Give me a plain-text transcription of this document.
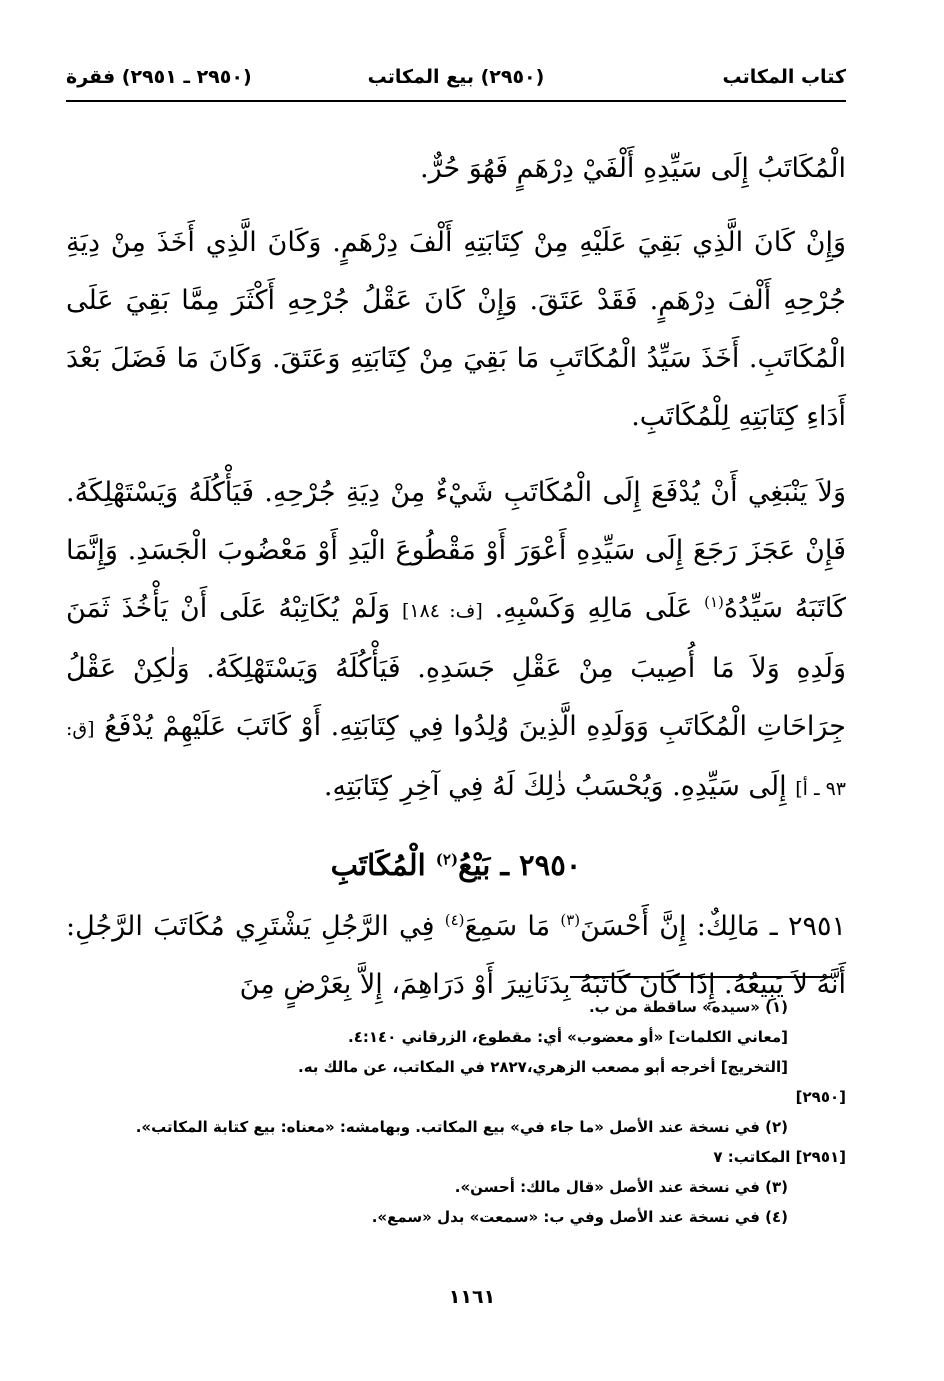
كتاب المكاتب
(٢٩٥٠) بيع المكاتب
(٢٩٥٠ ـ ٢٩٥١) فقرة

الْمُكَاتَبُ إِلَى سَيِّدِهِ أَلْفَيْ دِرْهَمٍ فَهُوَ حُرٌّ.

وَإِنْ كَانَ الَّذِي بَقِيَ عَلَيْهِ مِنْ كِتَابَتِهِ أَلْفَ دِرْهَمٍ. وَكَانَ الَّذِي أَخَذَ مِنْ دِيَةِ جُرْحِهِ أَلْفَ دِرْهَمٍ. فَقَدْ عَتَقَ. وَإِنْ كَانَ عَقْلُ جُرْحِهِ أَكْثَرَ مِمَّا بَقِيَ عَلَى الْمُكَاتَبِ. أَخَذَ سَيِّدُ الْمُكَاتَبِ مَا بَقِيَ مِنْ كِتَابَتِهِ وَعَتَقَ. وَكَانَ مَا فَضَلَ بَعْدَ أَدَاءِ كِتَابَتِهِ لِلْمُكَاتَبِ.

وَلاَ يَنْبَغِي أَنْ يُدْفَعَ إِلَى الْمُكَاتَبِ شَيْءٌ مِنْ دِيَةِ جُرْحِهِ. فَيَأْكُلَهُ وَيَسْتَهْلِكَهُ. فَإِنْ عَجَزَ رَجَعَ إِلَى سَيِّدِهِ أَعْوَرَ أَوْ مَقْطُوعَ الْيَدِ أَوْ مَعْضُوبَ الْجَسَدِ. وَإِنَّمَا كَاتَبَهُ سَيِّدُهُ$^{(١)}$ عَلَى مَالِهِ وَكَسْبِهِ. [ف: ١٨٤] وَلَمْ يُكَاتِبْهُ عَلَى أَنْ يَأْخُذَ ثَمَنَ وَلَدِهِ وَلاَ مَا أُصِيبَ مِنْ عَقْلِ جَسَدِهِ. فَيَأْكُلَهُ وَيَسْتَهْلِكَهُ. وَلٰكِنْ عَقْلُ جِرَاحَاتِ الْمُكَاتَبِ وَوَلَدِهِ الَّذِينَ وُلِدُوا فِي كِتَابَتِهِ. أَوْ كَاتَبَ عَلَيْهِمْ يُدْفَعُ [ق: ٩٣ ـ أ] إِلَى سَيِّدِهِ. وَيُحْسَبُ ذٰلِكَ لَهُ فِي آخِرِ كِتَابَتِهِ.

٢٩٥٠ ـ بَيْعُ$^{(٢)}$ الْمُكَاتَبِ

٢٩٥١ ـ مَالِكٌ: إِنَّ أَحْسَنَ$^{(٣)}$ مَا سَمِعَ$^{(٤)}$ فِي الرَّجُلِ يَشْتَرِي مُكَاتَبَ الرَّجُلِ: أَنَّهُ لاَ يَبِيعُهُ. إِذَا كَانَ كَاتَبَهُ بِدَنَانِيرَ أَوْ دَرَاهِمَ، إِلاَّ بِعَرْضٍ مِنَ

(١) «سيده» ساقطة من ب.
[معاني الكلمات] «أو معضوب» أي: مقطوع، الزرقاني ٤:١٤٠.
[التخريج] أخرجه أبو مصعب الزهري،٢٨٢٧ في المكاتب، عن مالك به.
[٢٩٥٠]
(٢) في نسخة عند الأصل «ما جاء في» بيع المكاتب. وبهامشه: «معناه: بيع كتابة المكاتب».
[٢٩٥١] المكاتب: ٧
(٣) في نسخة عند الأصل «قال مالك: أحسن».
(٤) في نسخة عند الأصل وفي ب: «سمعت» بدل «سمع».
١١٦١
